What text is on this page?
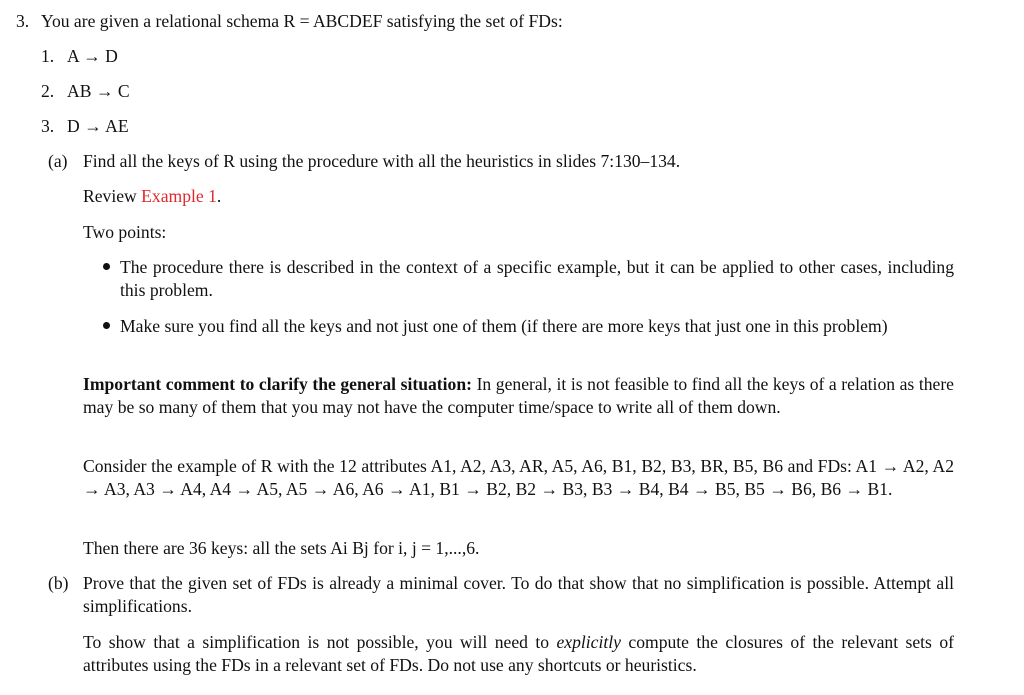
3. You are given a relational schema R = ABCDEF satisfying the set of FDs:
1. A → D
2. AB → C
3. D → AE
(a) Find all the keys of R using the procedure with all the heuristics in slides 7:130–134.
Review Example 1.
Two points:
The procedure there is described in the context of a specific example, but it can be applied to other cases, including this problem.
Make sure you find all the keys and not just one of them (if there are more keys that just one in this problem)
Important comment to clarify the general situation: In general, it is not feasible to find all the keys of a relation as there may be so many of them that you may not have the computer time/space to write all of them down.
Consider the example of R with the 12 attributes A1, A2, A3, AR, A5, A6, B1, B2, B3, BR, B5, B6 and FDs: A1 → A2, A2 → A3, A3 → A4, A4 → A5, A5 → A6, A6 → A1, B1 → B2, B2 → B3, B3 → B4, B4 → B5, B5 → B6, B6 → B1.
Then there are 36 keys: all the sets Ai Bj for i, j = 1,...,6.
(b) Prove that the given set of FDs is already a minimal cover. To do that show that no simplification is possible. Attempt all simplifications.
To show that a simplification is not possible, you will need to explicitly compute the closures of the relevant sets of attributes using the FDs in a relevant set of FDs. Do not use any shortcuts or heuristics.
